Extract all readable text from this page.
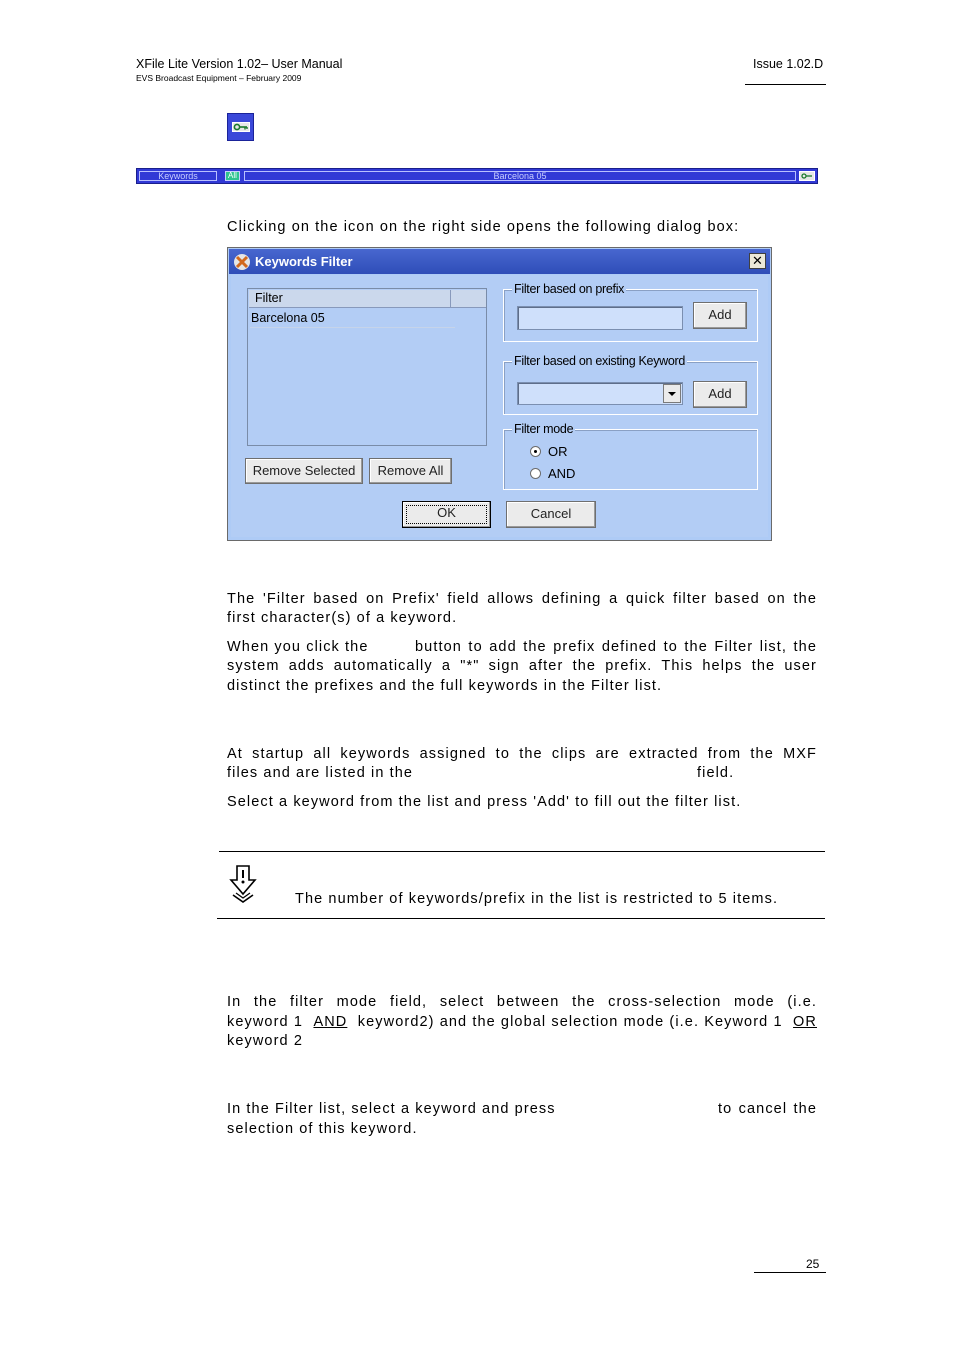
XFile Lite Version 1.02– User Manual
EVS Broadcast Equipment – February 2009
Issue 1.02.D
Keywords	All	Barcelona 05
Clicking on the icon on the right side opens the following dialog box:
Keywords Filter	✕
Filter
Barcelona 05
Remove Selected	Remove All
Filter based on prefix
Add
Filter based on existing Keyword
Add
Filter mode
OR
AND
OK	Cancel
The 'Filter based on Prefix' field allows defining a quick filter based on the
first character(s) of a keyword.
When you click the	button to add the prefix defined to the Filter list, the
system adds automatically a "*" sign after the prefix. This helps the user
distinct the prefixes and the full keywords in the Filter list.
At startup all keywords assigned to the clips are extracted from the MXF
files and are listed in the	field.
Select a keyword from the list and press 'Add' to fill out the filter list.
The number of keywords/prefix in the list is restricted to 5 items.
In the filter mode field, select between the cross-selection mode (i.e.
keyword 1 AND keyword2) and the global selection mode (i.e. Keyword 1 OR
keyword 2
In the Filter list, select a keyword and press	to cancel the
selection of this keyword.
25
